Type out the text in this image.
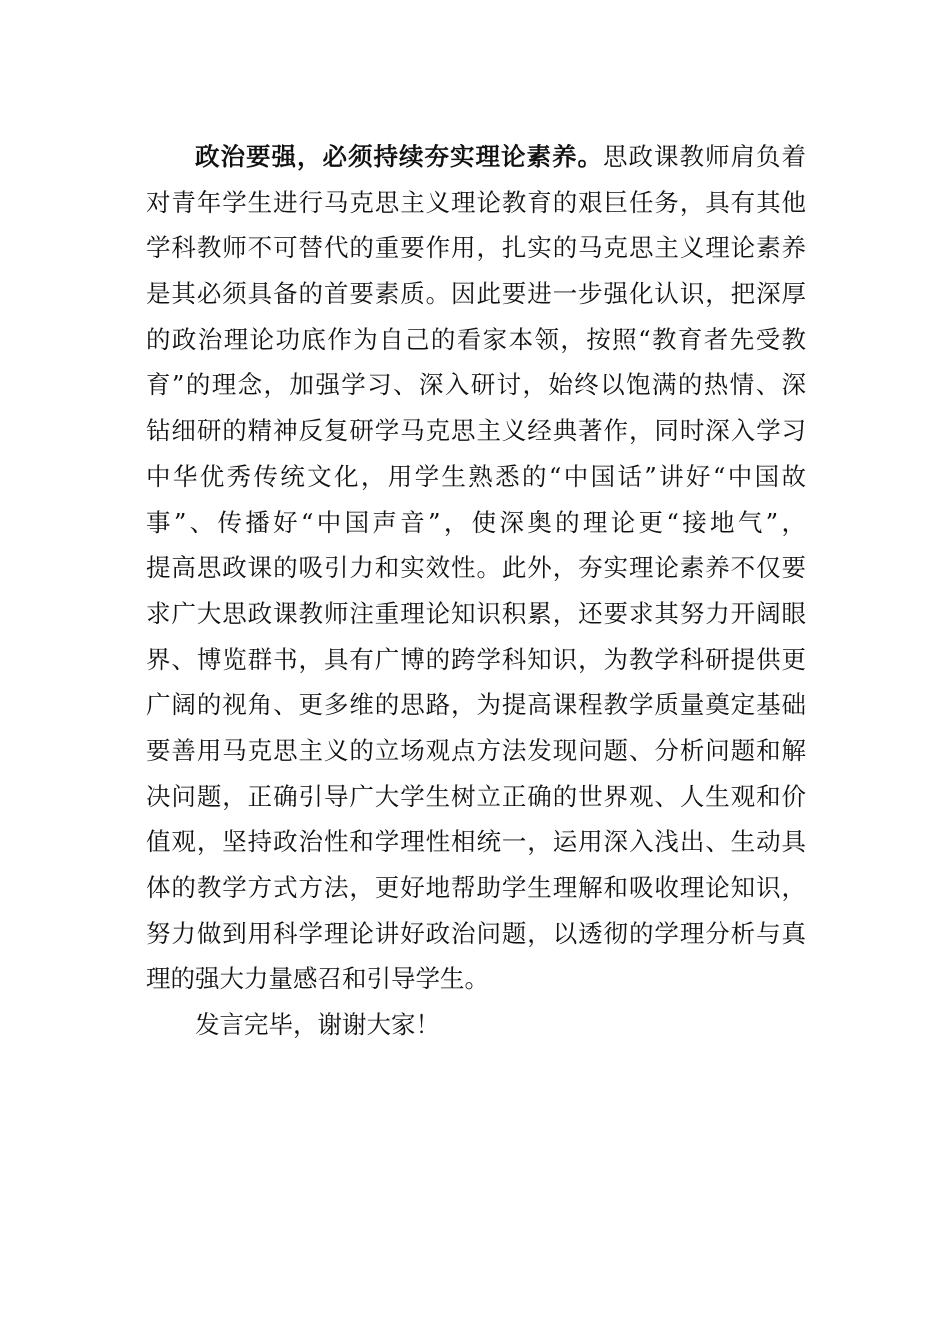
政治要强，必须持续夯实理论素养。思政课教师肩负着
对青年学生进行马克思主义理论教育的艰巨任务，具有其他
学科教师不可替代的重要作用，扎实的马克思主义理论素养
是其必须具备的首要素质。因此要进一步强化认识，把深厚
的政治理论功底作为自己的看家本领，按照“教育者先受教
育”的理念，加强学习、深入研讨，始终以饱满的热情、深
钻细研的精神反复研学马克思主义经典著作，同时深入学习
中华优秀传统文化，用学生熟悉的“中国话”讲好“中国故
事”、传播好“中国声音”，使深奥的理论更“接地气”，
提高思政课的吸引力和实效性。此外，夯实理论素养不仅要
求广大思政课教师注重理论知识积累，还要求其努力开阔眼
界、博览群书，具有广博的跨学科知识，为教学科研提供更
广阔的视角、更多维的思路，为提高课程教学质量奠定基础
要善用马克思主义的立场观点方法发现问题、分析问题和解
决问题，正确引导广大学生树立正确的世界观、人生观和价
值观，坚持政治性和学理性相统一，运用深入浅出、生动具
体的教学方式方法，更好地帮助学生理解和吸收理论知识，
努力做到用科学理论讲好政治问题，以透彻的学理分析与真
理的强大力量感召和引导学生。
发言完毕，谢谢大家！
